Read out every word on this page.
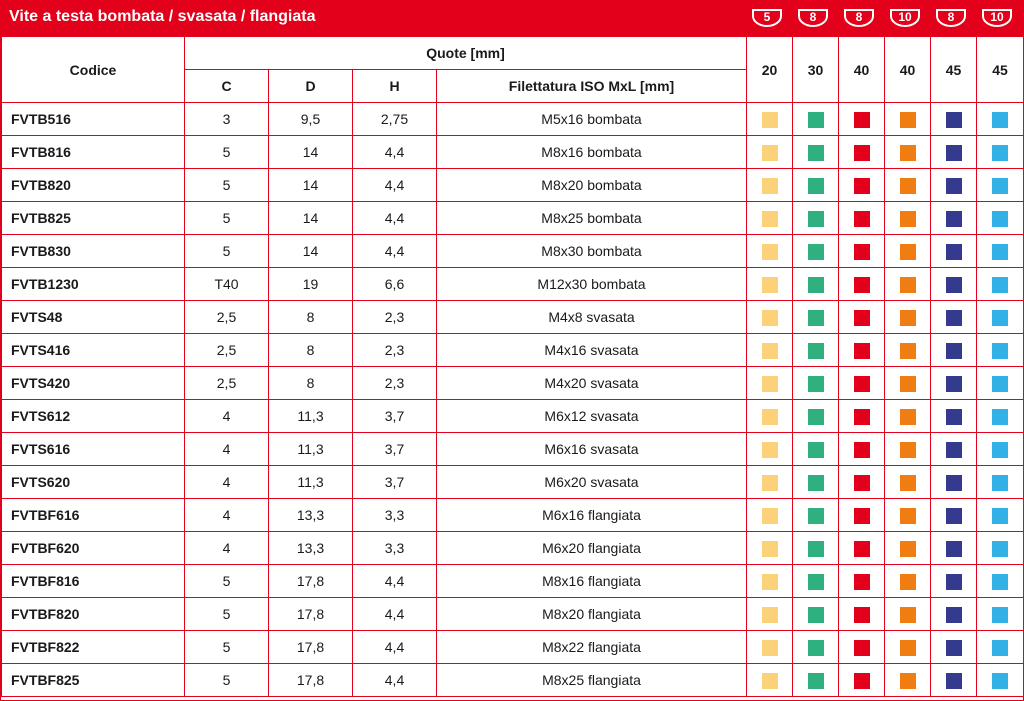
Vite a testa bombata / svasata / flangiata	5	8	8	10	8	10
Codice	Quote [mm]				20	30	40	40	45	45
	C	D	H	Filettatura ISO MxL [mm]						
FVTB516	3	9,5	2,75	M5x16 bombata						
FVTB816	5	14	4,4	M8x16 bombata						
FVTB820	5	14	4,4	M8x20 bombata						
FVTB825	5	14	4,4	M8x25 bombata						
FVTB830	5	14	4,4	M8x30 bombata						
FVTB1230	T40	19	6,6	M12x30 bombata						
FVTS48	2,5	8	2,3	M4x8 svasata						
FVTS416	2,5	8	2,3	M4x16 svasata						
FVTS420	2,5	8	2,3	M4x20 svasata						
FVTS612	4	11,3	3,7	M6x12 svasata						
FVTS616	4	11,3	3,7	M6x16 svasata						
FVTS620	4	11,3	3,7	M6x20 svasata						
FVTBF616	4	13,3	3,3	M6x16 flangiata						
FVTBF620	4	13,3	3,3	M6x20 flangiata						
FVTBF816	5	17,8	4,4	M8x16 flangiata						
FVTBF820	5	17,8	4,4	M8x20 flangiata						
FVTBF822	5	17,8	4,4	M8x22 flangiata						
FVTBF825	5	17,8	4,4	M8x25 flangiata						
